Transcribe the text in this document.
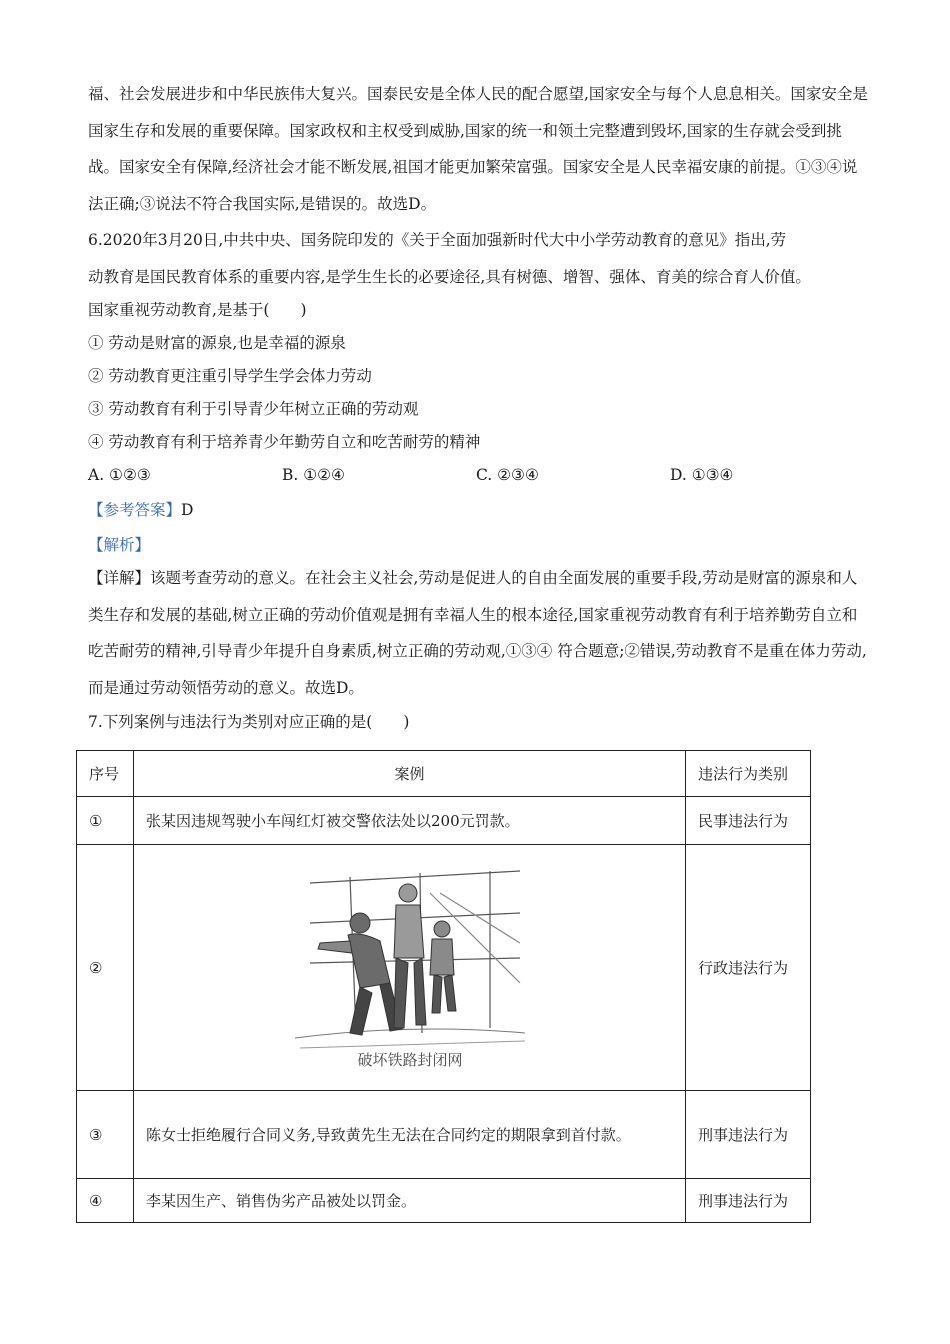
福、社会发展进步和中华民族伟大复兴。国泰民安是全体人民的配合愿望,国家安全与每个人息息相关。国家安全是国家生存和发展的重要保障。国家政权和主权受到威胁,国家的统一和领土完整遭到毁坏,国家的生存就会受到挑战。国家安全有保障,经济社会才能不断发展,祖国才能更加繁荣富强。国家安全是人民幸福安康的前提。①③④说法正确;③说法不符合我国实际,是错误的。故选D。

6.2020年3月20日,中共中央、国务院印发的《关于全面加强新时代大中小学劳动教育的意见》指出,劳

动教育是国民教育体系的重要内容,是学生生长的必要途径,具有树德、增智、强体、育美的综合育人价值。

国家重视劳动教育,是基于(　　)

① 劳动是财富的源泉,也是幸福的源泉

② 劳动教育更注重引导学生学会体力劳动

③ 劳动教育有利于引导青少年树立正确的劳动观

④ 劳动教育有利于培养青少年勤劳自立和吃苦耐劳的精神

A. ①②③	B. ①②④	C. ②③④	D. ①③④

【参考答案】D

【解析】

【详解】该题考查劳动的意义。在社会主义社会,劳动是促进人的自由全面发展的重要手段,劳动是财富的源泉和人类生存和发展的基础,树立正确的劳动价值观是拥有幸福人生的根本途径,国家重视劳动教育有利于培养勤劳自立和吃苦耐劳的精神,引导青少年提升自身素质,树立正确的劳动观,①③④ 符合题意;②错误,劳动教育不是重在体力劳动,而是通过劳动领悟劳动的意义。故选D。

7.下列案例与违法行为类别对应正确的是(　　)

序号	案例	违法行为类别
①	张某因违规驾驶小车闯红灯被交警依法处以200元罚款。	民事违法行为
②	破坏铁路封闭网	行政违法行为
③	陈女士拒绝履行合同义务,导致黄先生无法在合同约定的期限拿到首付款。	刑事违法行为
④	李某因生产、销售伪劣产品被处以罚金。	刑事违法行为
